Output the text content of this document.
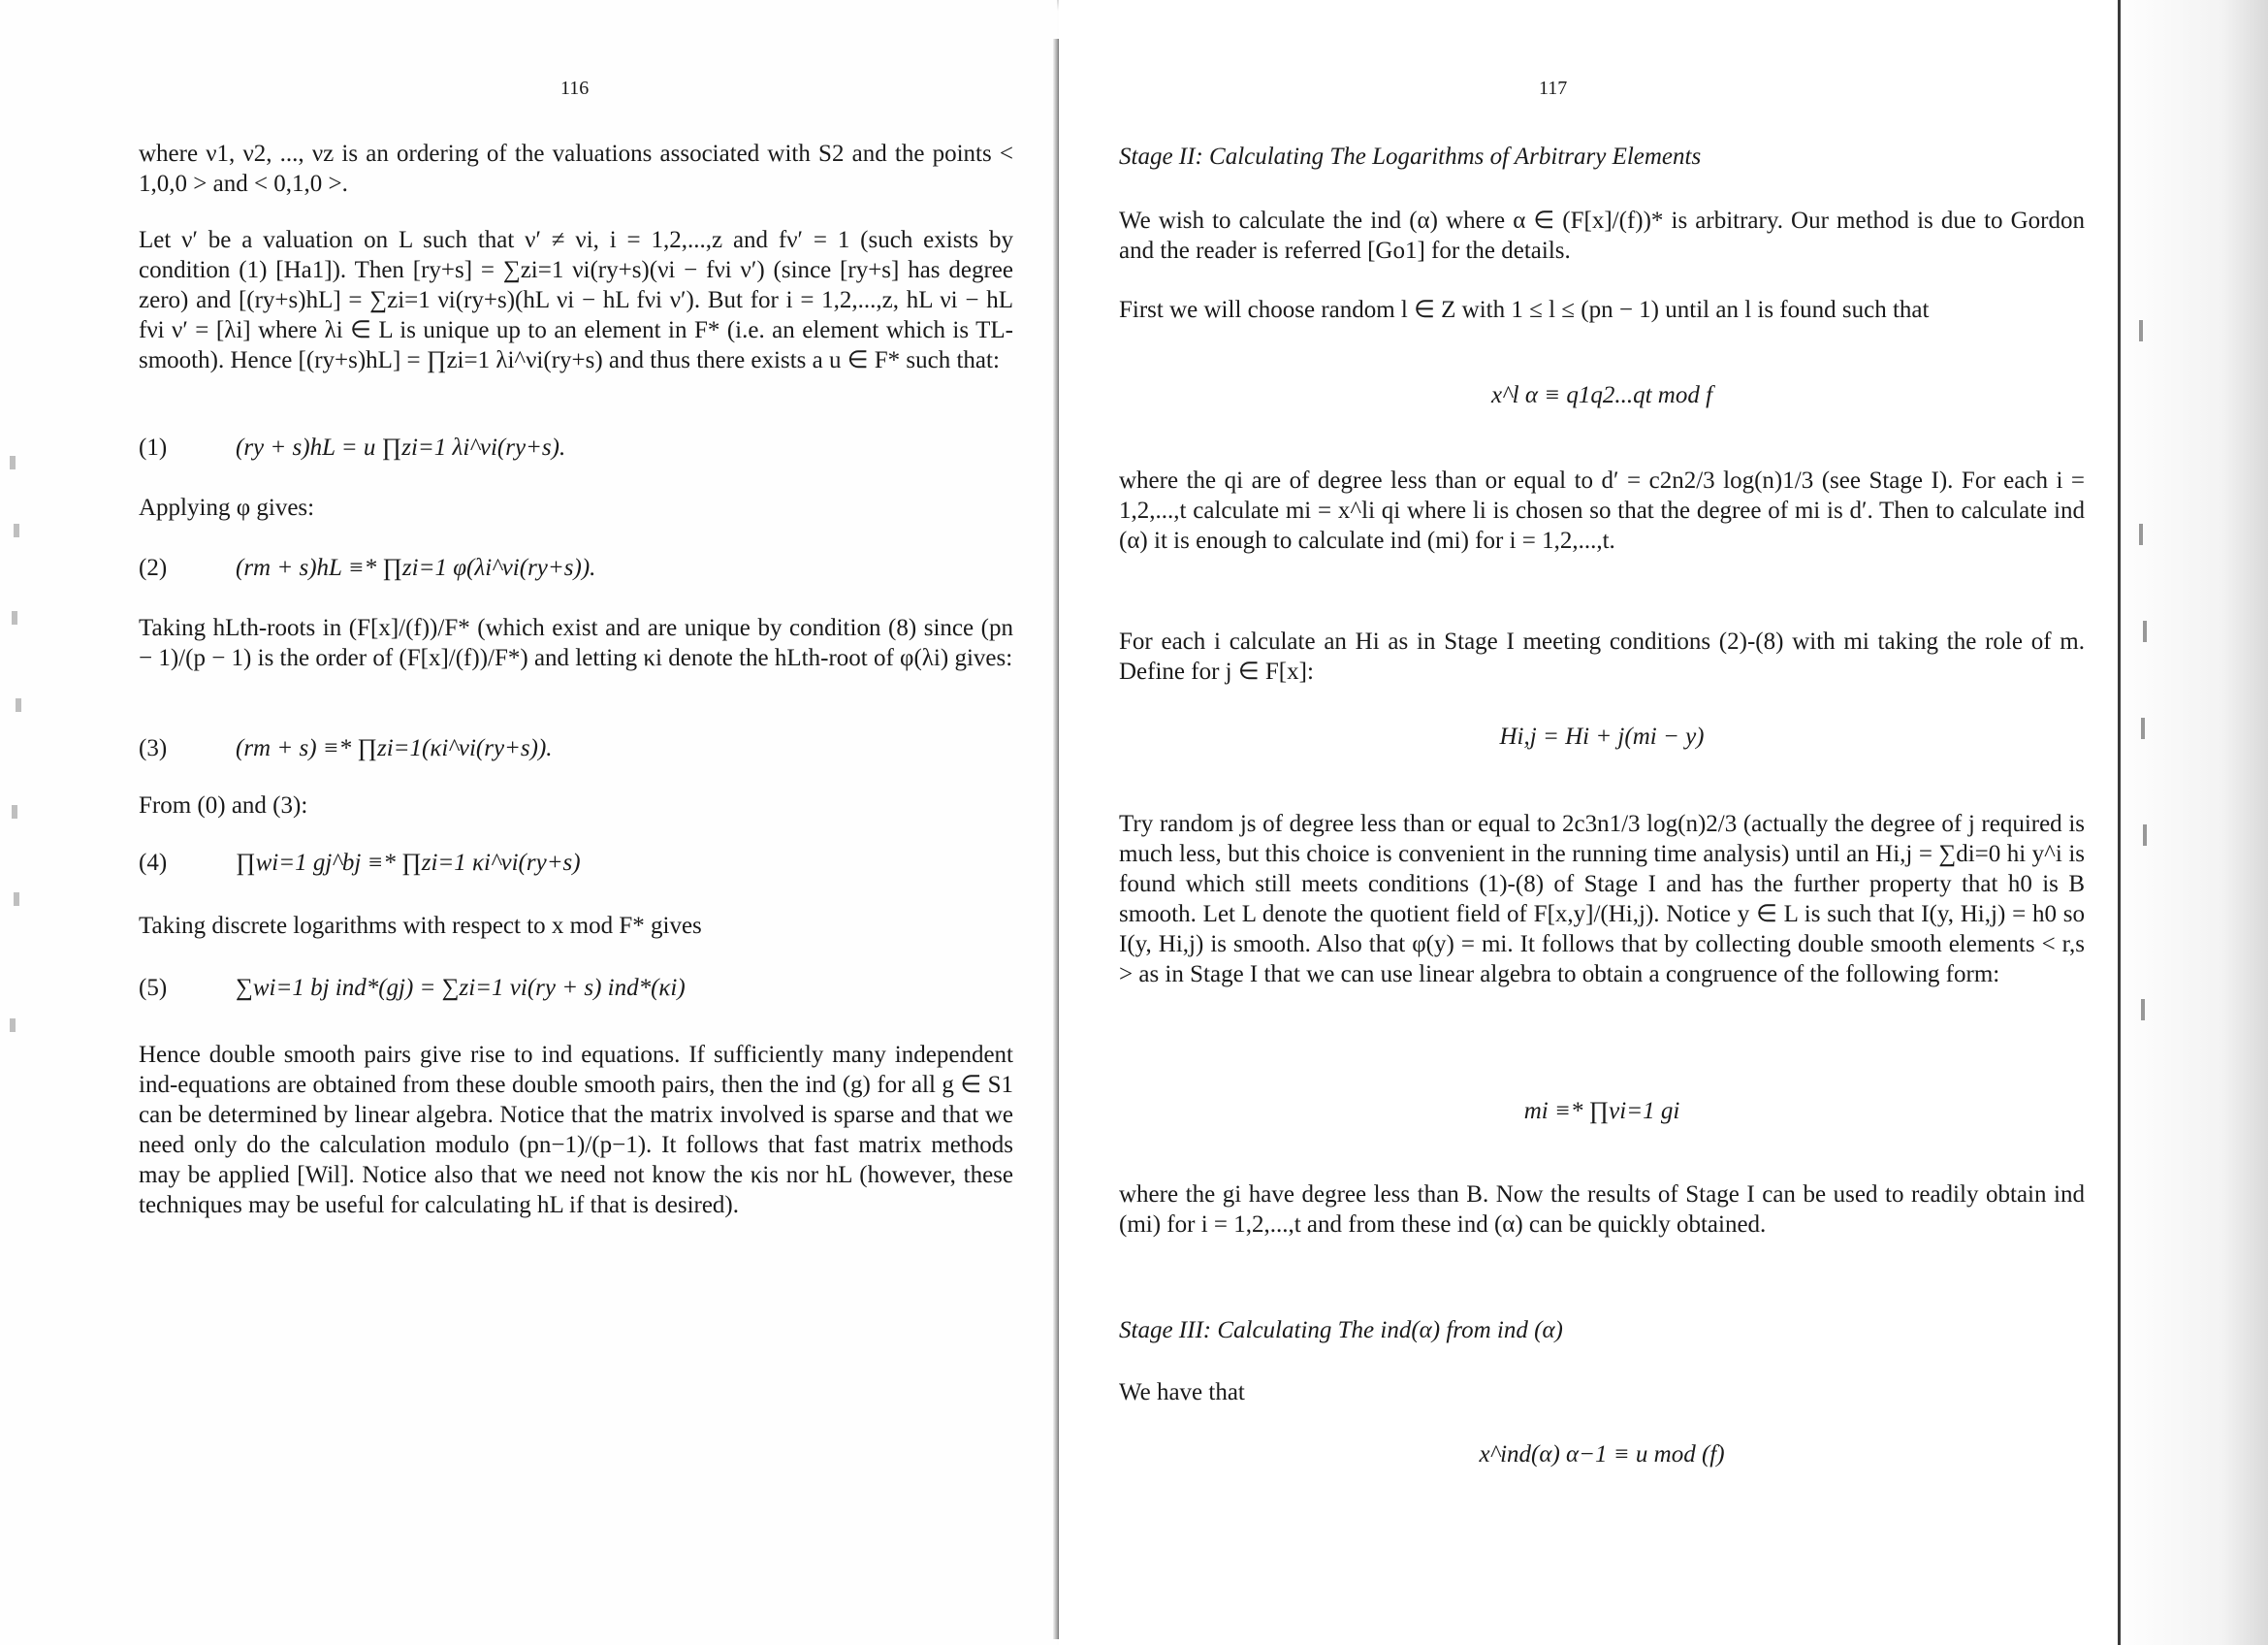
116
where ν1, ν2, ..., νz is an ordering of the valuations associated with S2 and the points < 1,0,0 > and < 0,1,0 >.
Let ν′ be a valuation on L such that ν′ ≠ νi, i = 1,2,...,z and fν′ = 1 (such exists by condition (1) [Ha1]). Then [ry+s] = ∑zi=1 νi(ry+s)(νi − fνi ν′) (since [ry+s] has degree zero) and [(ry+s)hL] = ∑zi=1 νi(ry+s)(hL νi − hL fνi ν′). But for i = 1,2,...,z, hL νi − hL fνi ν′ = [λi] where λi ∈ L is unique up to an element in F* (i.e. an element which is TL-smooth). Hence [(ry+s)hL] = ∏zi=1 λi^νi(ry+s) and thus there exists a u ∈ F* such that:
(1)	(ry + s)hL = u ∏zi=1 λi^νi(ry+s).
Applying φ gives:
(2)	(rm + s)hL ≡* ∏zi=1 φ(λi^νi(ry+s)).
Taking hLth-roots in (F[x]/(f))/F* (which exist and are unique by condition (8) since (pn − 1)/(p − 1) is the order of (F[x]/(f))/F*) and letting κi denote the hLth-root of φ(λi) gives:
(3)	(rm + s) ≡* ∏zi=1(κi^νi(ry+s)).
From (0) and (3):
(4)	∏wi=1 gj^bj ≡* ∏zi=1 κi^νi(ry+s)
Taking discrete logarithms with respect to x mod F* gives
(5)	∑wi=1 bj ind*(gj) = ∑zi=1 νi(ry + s) ind*(κi)
Hence double smooth pairs give rise to ind equations. If sufficiently many independent ind-equations are obtained from these double smooth pairs, then the ind (g) for all g ∈ S1 can be determined by linear algebra. Notice that the matrix involved is sparse and that we need only do the calculation modulo (pn−1)/(p−1). It follows that fast matrix methods may be applied [Wil]. Notice also that we need not know the κis nor hL (however, these techniques may be useful for calculating hL if that is desired).
117
Stage II: Calculating The Logarithms of Arbitrary Elements
We wish to calculate the ind (α) where α ∈ (F[x]/(f))* is arbitrary. Our method is due to Gordon and the reader is referred [Go1] for the details.
First we will choose random l ∈ Z with 1 ≤ l ≤ (pn − 1) until an l is found such that
x^l α ≡ q1q2...qt mod f
where the qi are of degree less than or equal to d′ = c2n2/3 log(n)1/3 (see Stage I). For each i = 1,2,...,t calculate mi = x^li qi where li is chosen so that the degree of mi is d′. Then to calculate ind (α) it is enough to calculate ind (mi) for i = 1,2,...,t.
For each i calculate an Hi as in Stage I meeting conditions (2)-(8) with mi taking the role of m. Define for j ∈ F[x]:
Hi,j = Hi + j(mi − y)
Try random js of degree less than or equal to 2c3n1/3 log(n)2/3 (actually the degree of j required is much less, but this choice is convenient in the running time analysis) until an Hi,j = ∑di=0 hi y^i is found which still meets conditions (1)-(8) of Stage I and has the further property that h0 is B smooth. Let L denote the quotient field of F[x,y]/(Hi,j). Notice y ∈ L is such that I(y, Hi,j) = h0 so I(y, Hi,j) is smooth. Also that φ(y) = mi. It follows that by collecting double smooth elements < r,s > as in Stage I that we can use linear algebra to obtain a congruence of the following form:
mi ≡* ∏vi=1 gi
where the gi have degree less than B. Now the results of Stage I can be used to readily obtain ind (mi) for i = 1,2,...,t and from these ind (α) can be quickly obtained.
Stage III: Calculating The ind(α) from ind (α)
We have that
x^ind(α) α−1 ≡ u mod (f)
